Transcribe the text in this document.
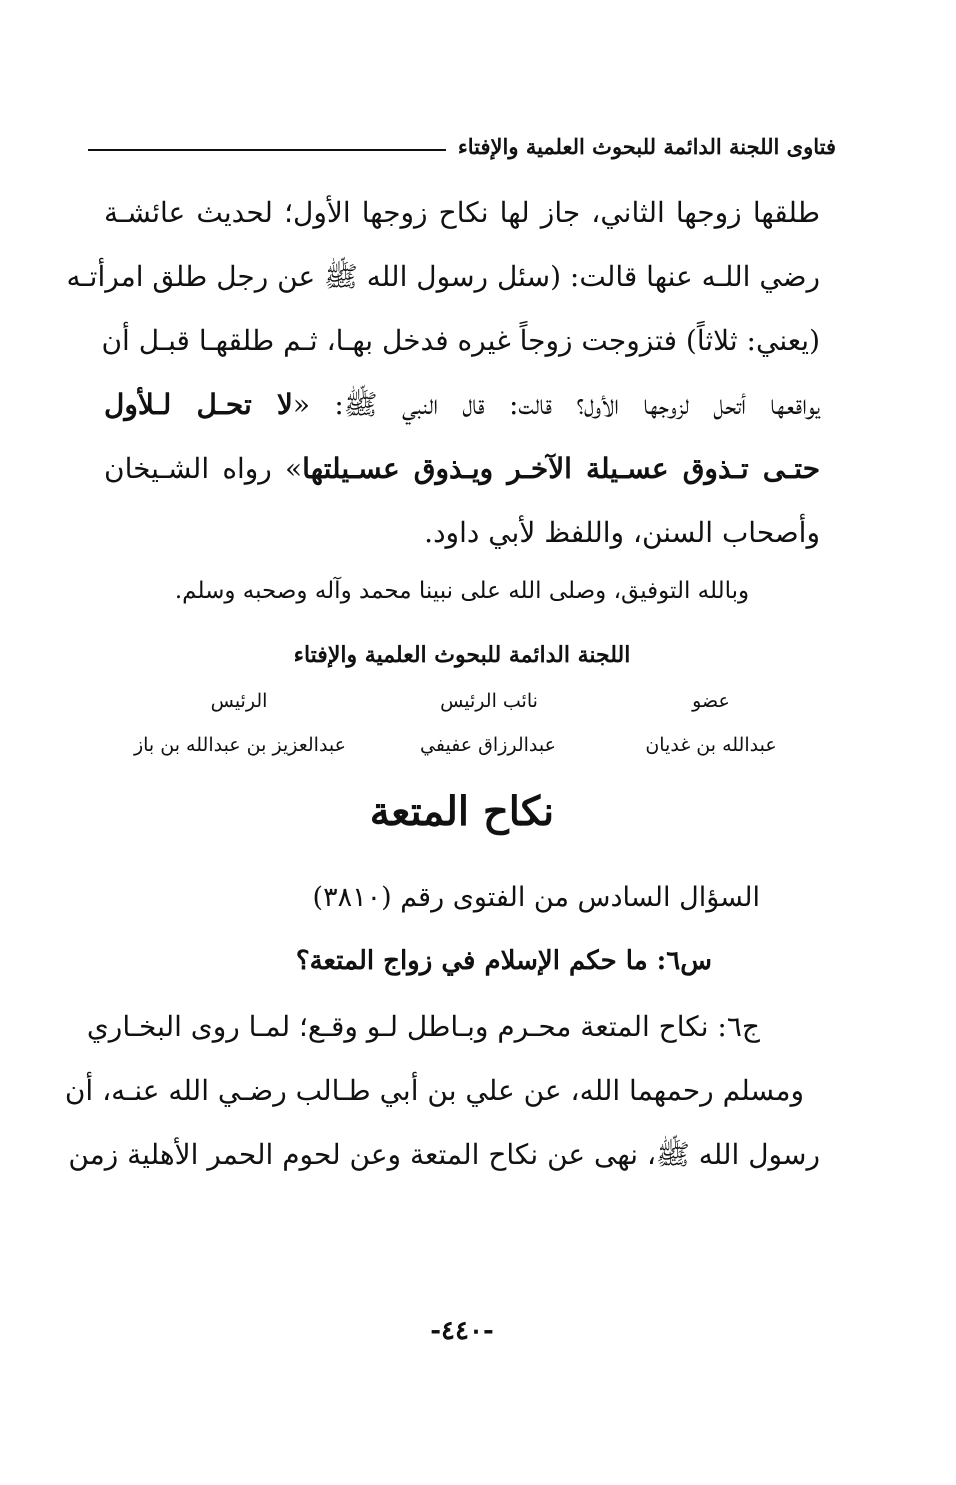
فتاوى اللجنة الدائمة للبحوث العلمية والإفتاء
طلقها زوجها الثاني، جاز لها نكاح زوجها الأول؛ لحديث عائشـة
رضي اللـه عنها قالت: (سئل رسول الله ﷺ عن رجل طلق امرأتـه
(يعني: ثلاثاً) فتزوجت زوجاً غيره فدخل بهـا، ثـم طلقهـا قبـل أن
يواقعها أتحل لزوجها الأول؟ قالت: قال النبي ﷺ: «لا تحـل لـلأول
حتـى تـذوق عسـيلة الآخـر ويـذوق عسـيلتها» رواه الشـيخان
وأصحاب السنن، واللفظ لأبي داود.
وبالله التوفيق، وصلى الله على نبينا محمد وآله وصحبه وسلم.
اللجنة الدائمة للبحوث العلمية والإفتاء
عضو
نائب الرئيس
الرئيس
عبدالله بن غديان
عبدالرزاق عفيفي
عبدالعزيز بن عبدالله بن باز
نكاح المتعة
السؤال السادس من الفتوى رقم (٣٨١٠)
س٦: ما حكم الإسلام في زواج المتعة؟
ج٦: نكاح المتعة محـرم وبـاطل لـو وقـع؛ لمـا روى البخـاري
ومسلم رحمهما الله، عن علي بن أبي طـالب رضـي الله عنـه، أن
رسول الله ﷺ، نهى عن نكاح المتعة وعن لحوم الحمر الأهلية زمن
-٤٤٠-
